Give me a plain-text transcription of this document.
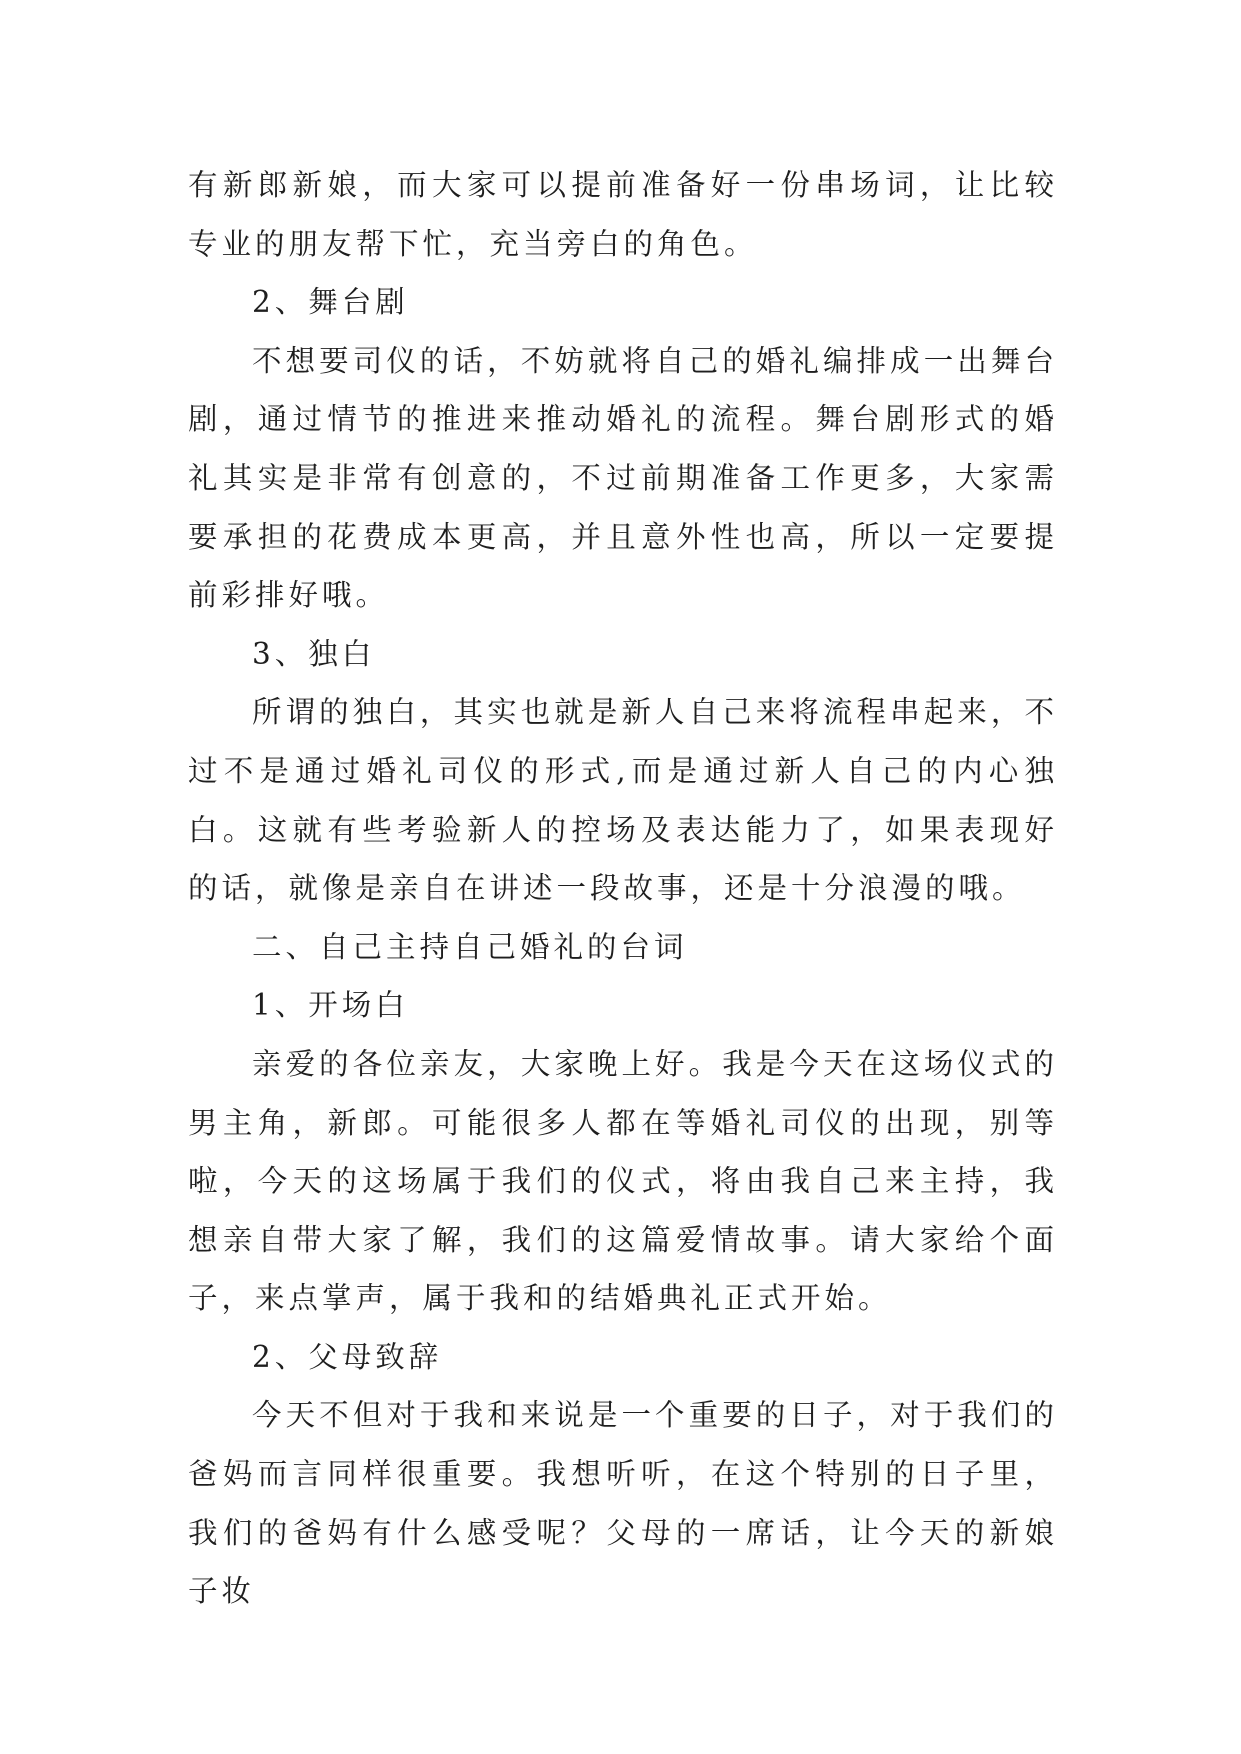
有新郎新娘，而大家可以提前准备好一份串场词，让比较专业的朋友帮下忙，充当旁白的角色。

2、舞台剧

不想要司仪的话，不妨就将自己的婚礼编排成一出舞台剧，通过情节的推进来推动婚礼的流程。舞台剧形式的婚礼其实是非常有创意的，不过前期准备工作更多，大家需要承担的花费成本更高，并且意外性也高，所以一定要提前彩排好哦。

3、独白

所谓的独白，其实也就是新人自己来将流程串起来，不过不是通过婚礼司仪的形式,而是通过新人自己的内心独白。这就有些考验新人的控场及表达能力了，如果表现好的话，就像是亲自在讲述一段故事，还是十分浪漫的哦。

二、自己主持自己婚礼的台词

1、开场白

亲爱的各位亲友，大家晚上好。我是今天在这场仪式的男主角，新郎。可能很多人都在等婚礼司仪的出现，别等啦，今天的这场属于我们的仪式，将由我自己来主持，我想亲自带大家了解，我们的这篇爱情故事。请大家给个面子，来点掌声，属于我和的结婚典礼正式开始。

2、父母致辞

今天不但对于我和来说是一个重要的日子，对于我们的爸妈而言同样很重要。我想听听，在这个特别的日子里，我们的爸妈有什么感受呢？父母的一席话，让今天的新娘子妆
